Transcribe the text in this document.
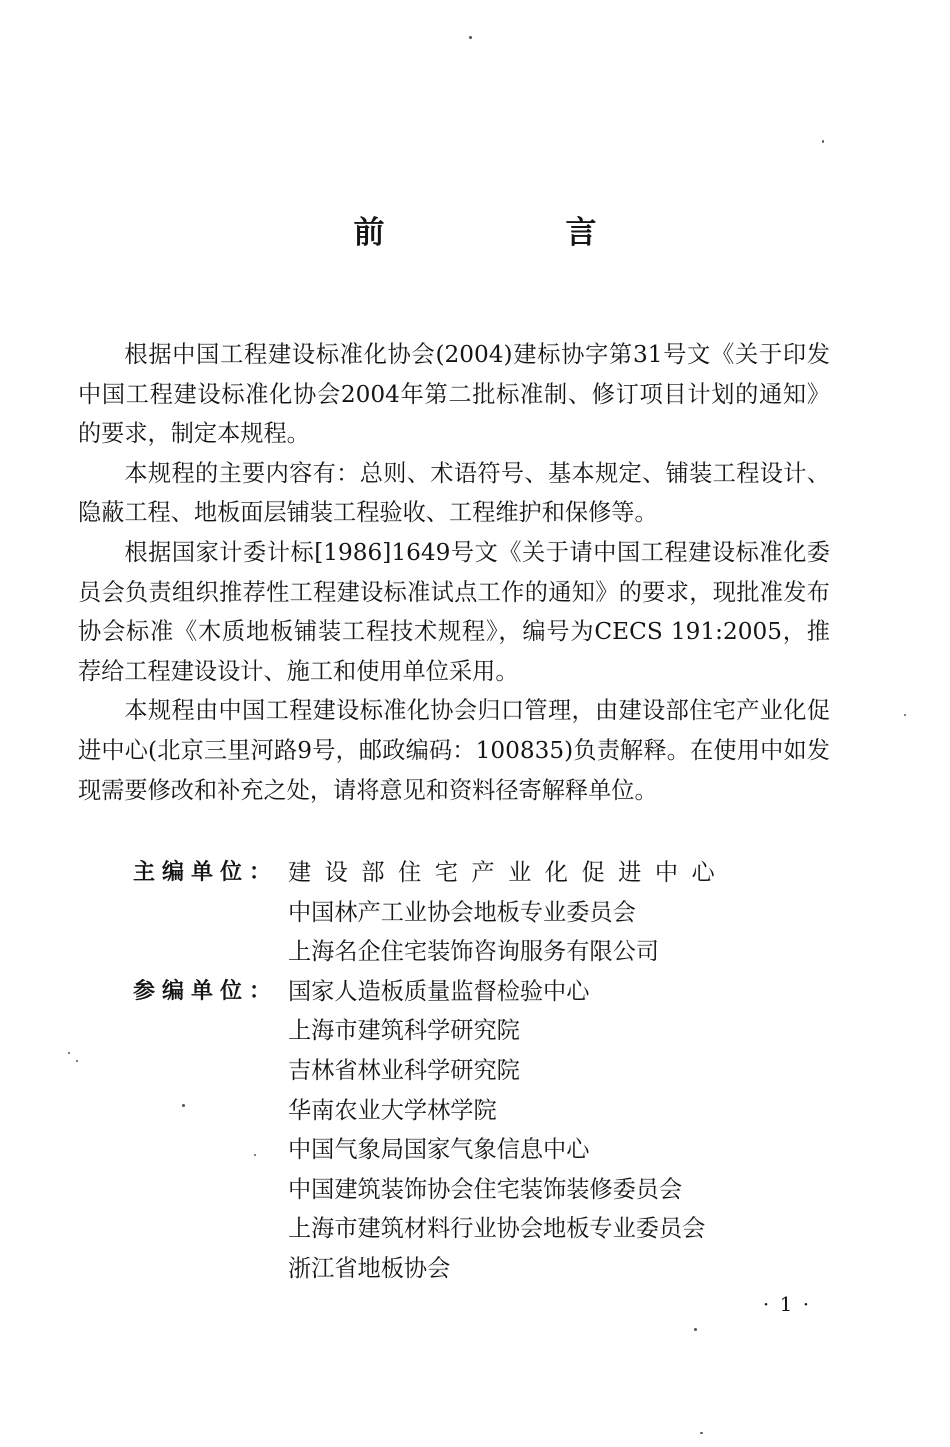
前　言

根据中国工程建设标准化协会(2004)建标协字第31号文《关于印发中国工程建设标准化协会2004年第二批标准制、修订项目计划的通知》的要求，制定本规程。

本规程的主要内容有：总则、术语符号、基本规定、铺装工程设计、隐蔽工程、地板面层铺装工程验收、工程维护和保修等。

根据国家计委计标[1986]1649号文《关于请中国工程建设标准化委员会负责组织推荐性工程建设标准试点工作的通知》的要求，现批准发布协会标准《木质地板铺装工程技术规程》，编号为CECS 191:2005，推荐给工程建设设计、施工和使用单位采用。

本规程由中国工程建设标准化协会归口管理，由建设部住宅产业化促进中心(北京三里河路9号，邮政编码：100835)负责解释。在使用中如发现需要修改和补充之处，请将意见和资料径寄解释单位。

主编单位： 建设部住宅产业化促进中心
中国林产工业协会地板专业委员会
上海名企住宅装饰咨询服务有限公司
参编单位： 国家人造板质量监督检验中心
上海市建筑科学研究院
吉林省林业科学研究院
华南农业大学林学院
中国气象局国家气象信息中心
中国建筑装饰协会住宅装饰装修委员会
上海市建筑材料行业协会地板专业委员会
浙江省地板协会
· 1 ·
